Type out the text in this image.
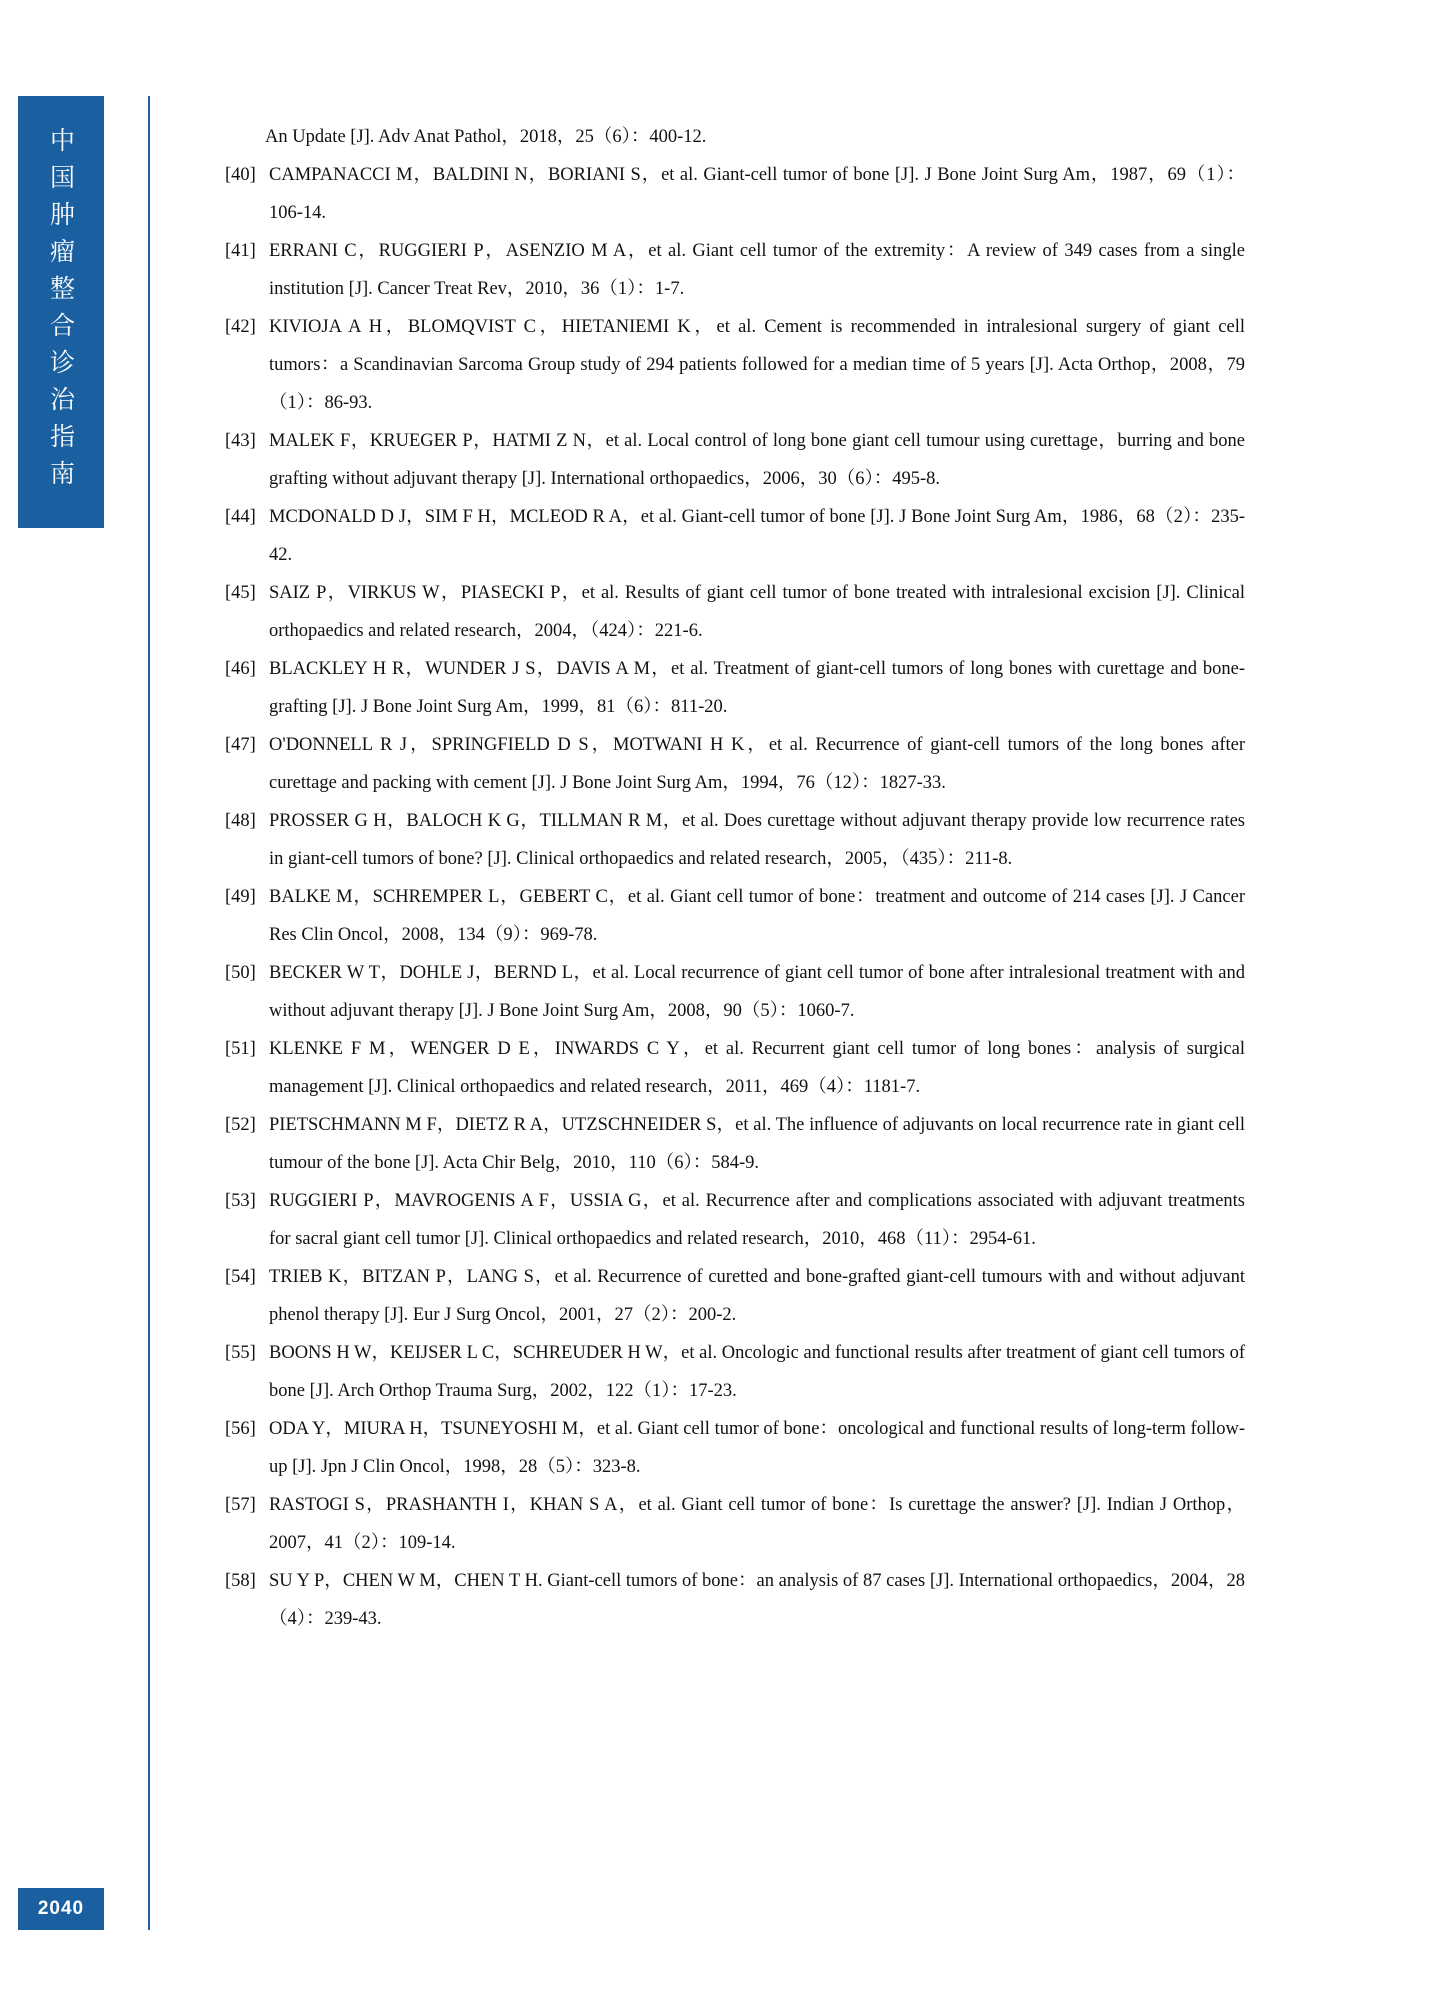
中国肿瘤整合诊治指南
2040

An Update [J]. Adv Anat Pathol，2018，25（6）：400-12.

[40] CAMPANACCI M，BALDINI N，BORIANI S，et al. Giant-cell tumor of bone [J]. J Bone Joint Surg Am，1987，69（1）：106-14.

[41] ERRANI C，RUGGIERI P，ASENZIO M A，et al. Giant cell tumor of the extremity：A review of 349 cases from a single institution [J]. Cancer Treat Rev，2010，36（1）：1-7.

[42] KIVIOJA A H，BLOMQVIST C，HIETANIEMI K，et al. Cement is recommended in intralesional surgery of giant cell tumors：a Scandinavian Sarcoma Group study of 294 patients followed for a median time of 5 years [J]. Acta Orthop，2008，79（1）：86-93.

[43] MALEK F，KRUEGER P，HATMI Z N，et al. Local control of long bone giant cell tumour using curettage，burring and bone grafting without adjuvant therapy [J]. International orthopaedics，2006，30（6）：495-8.

[44] MCDONALD D J，SIM F H，MCLEOD R A，et al. Giant-cell tumor of bone [J]. J Bone Joint Surg Am，1986，68（2）：235-42.

[45] SAIZ P，VIRKUS W，PIASECKI P，et al. Results of giant cell tumor of bone treated with intralesional excision [J]. Clinical orthopaedics and related research，2004，（424）：221-6.

[46] BLACKLEY H R，WUNDER J S，DAVIS A M，et al. Treatment of giant-cell tumors of long bones with curettage and bone-grafting [J]. J Bone Joint Surg Am，1999，81（6）：811-20.

[47] O'DONNELL R J，SPRINGFIELD D S，MOTWANI H K，et al. Recurrence of giant-cell tumors of the long bones after curettage and packing with cement [J]. J Bone Joint Surg Am，1994，76（12）：1827-33.

[48] PROSSER G H，BALOCH K G，TILLMAN R M，et al. Does curettage without adjuvant therapy provide low recurrence rates in giant-cell tumors of bone? [J]. Clinical orthopaedics and related research，2005，（435）：211-8.

[49] BALKE M，SCHREMPER L，GEBERT C，et al. Giant cell tumor of bone：treatment and outcome of 214 cases [J]. J Cancer Res Clin Oncol，2008，134（9）：969-78.

[50] BECKER W T，DOHLE J，BERND L，et al. Local recurrence of giant cell tumor of bone after intralesional treatment with and without adjuvant therapy [J]. J Bone Joint Surg Am，2008，90（5）：1060-7.

[51] KLENKE F M，WENGER D E，INWARDS C Y，et al. Recurrent giant cell tumor of long bones：analysis of surgical management [J]. Clinical orthopaedics and related research，2011，469（4）：1181-7.

[52] PIETSCHMANN M F，DIETZ R A，UTZSCHNEIDER S，et al. The influence of adjuvants on local recurrence rate in giant cell tumour of the bone [J]. Acta Chir Belg，2010，110（6）：584-9.

[53] RUGGIERI P，MAVROGENIS A F，USSIA G，et al. Recurrence after and complications associated with adjuvant treatments for sacral giant cell tumor [J]. Clinical orthopaedics and related research，2010，468（11）：2954-61.

[54] TRIEB K，BITZAN P，LANG S，et al. Recurrence of curetted and bone-grafted giant-cell tumours with and without adjuvant phenol therapy [J]. Eur J Surg Oncol，2001，27（2）：200-2.

[55] BOONS H W，KEIJSER L C，SCHREUDER H W，et al. Oncologic and functional results after treatment of giant cell tumors of bone [J]. Arch Orthop Trauma Surg，2002，122（1）：17-23.

[56] ODA Y，MIURA H，TSUNEYOSHI M，et al. Giant cell tumor of bone：oncological and functional results of long-term follow-up [J]. Jpn J Clin Oncol，1998，28（5）：323-8.

[57] RASTOGI S，PRASHANTH I，KHAN S A，et al. Giant cell tumor of bone：Is curettage the answer? [J]. Indian J Orthop，2007，41（2）：109-14.

[58] SU Y P，CHEN W M，CHEN T H. Giant-cell tumors of bone：an analysis of 87 cases [J]. International orthopaedics，2004，28（4）：239-43.
